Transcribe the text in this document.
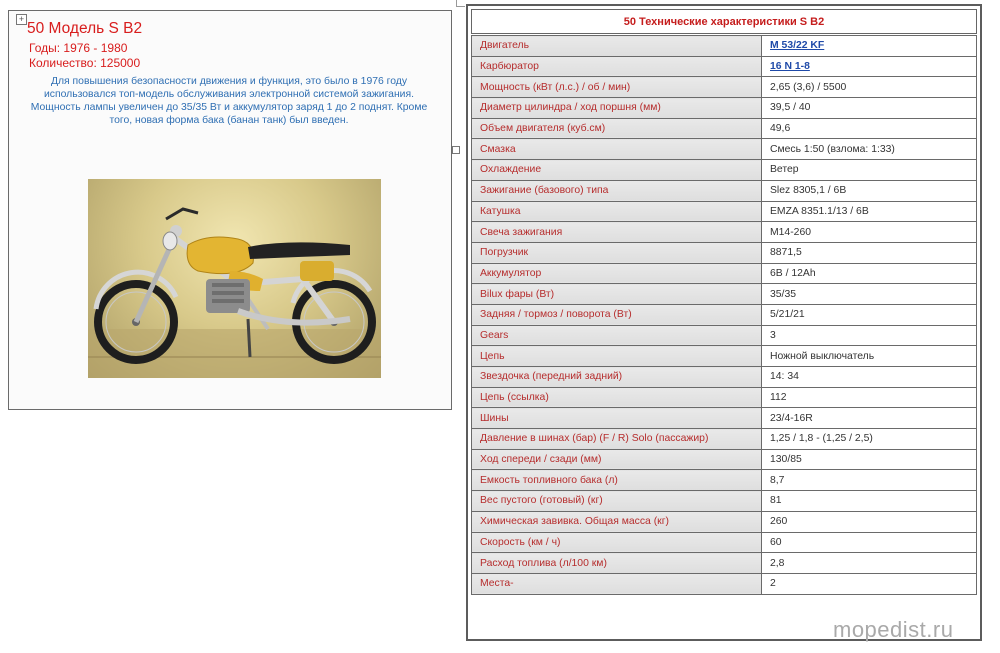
+
50 Модель S B2
Годы: 1976 - 1980
Количество: 125000
Для повышения безопасности движения и функция, это было в 1976 году использовался топ-модель обслуживания электронной системой зажигания. Мощность лампы увеличен до 35/35 Вт и аккумулятор заряд 1 до 2 поднят. Кроме того, новая форма бака (банан танк) был введен.
50 Технические характеристики S B2
Двигатель	M 53/22 KF
Карбюратор	16 N 1-8
Мощность (кВт (л.с.) / об / мин)	2,65 (3,6) / 5500
Диаметр цилиндра / ход поршня (мм)	39,5 / 40
Объем двигателя (куб.см)	49,6
Смазка	Смесь 1:50 (взлома: 1:33)
Охлаждение	Ветер
Зажигание (базового) типа	Slez 8305,1 / 6В
Катушка	EMZA 8351.1/13 / 6В
Свеча зажигания	M14-260
Погрузчик	8871,5
Аккумулятор	6В / 12Ah
Bilux фары (Вт)	35/35
Задняя / тормоз / поворота (Вт)	5/21/21
Gears	3
Цепь	Ножной выключатель
Звездочка (передний задний)	14: 34
Цепь (ссылка)	112
Шины	23/4-16R
Давление в шинах (бар) (F / R) Solo (пассажир)	1,25 / 1,8 - (1,25 / 2,5)
Ход спереди / сзади (мм)	130/85
Емкость топливного бака (л)	8,7
Вес пустого (готовый) (кг)	81
Химическая завивка. Общая масса (кг)	260
Скорость (км / ч)	60
Расход топлива (л/100 км)	2,8
Места-	2
mopedist.ru
